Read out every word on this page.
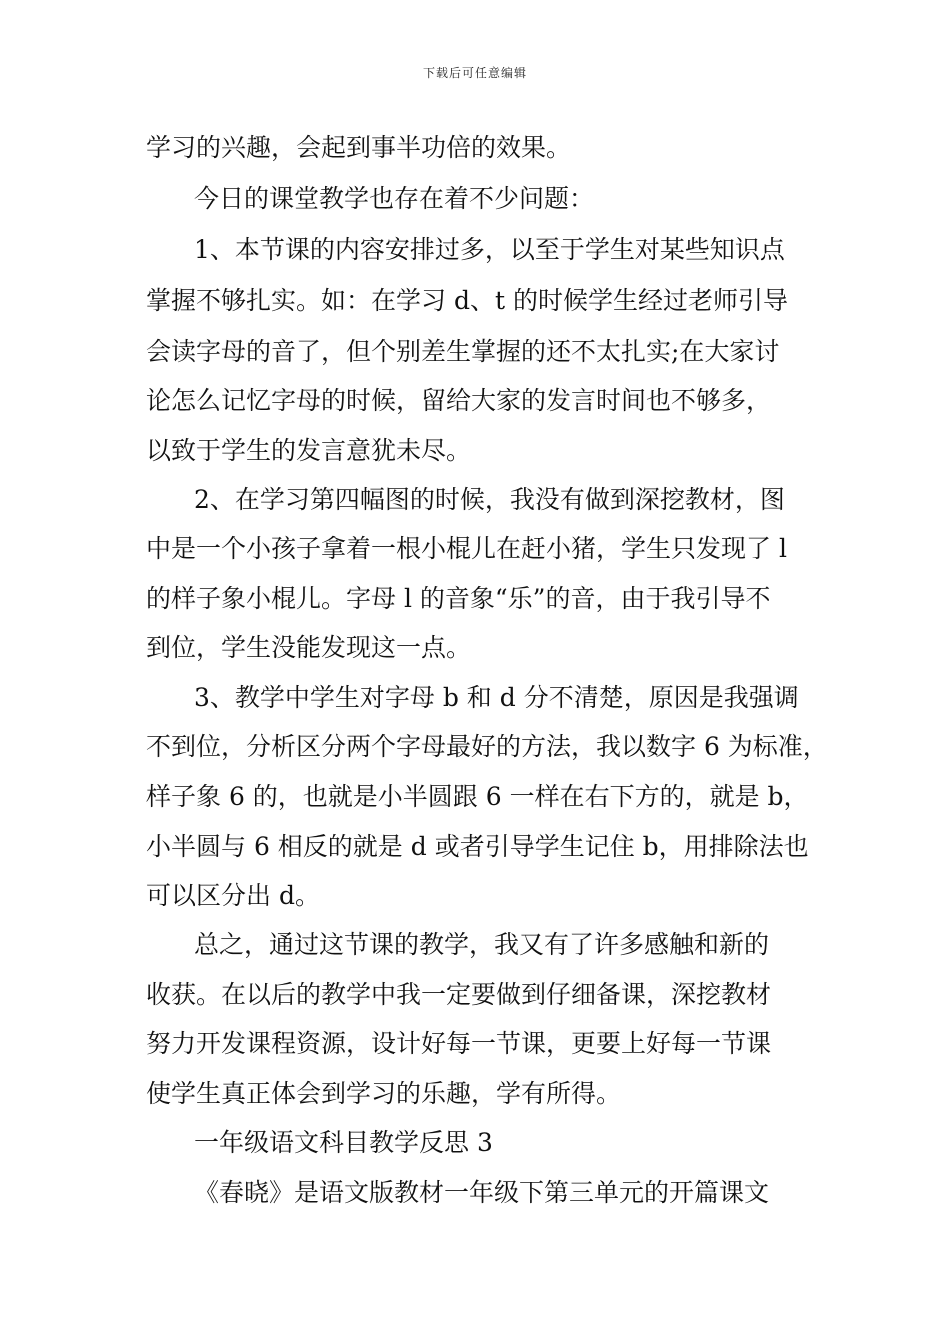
下载后可任意编辑
学习的兴趣，会起到事半功倍的效果。
今日的课堂教学也存在着不少问题：
1、本节课的内容安排过多，以至于学生对某些知识点
掌握不够扎实。如：在学习 d、t 的时候学生经过老师引导
会读字母的音了，但个别差生掌握的还不太扎实;在大家讨
论怎么记忆字母的时候，留给大家的发言时间也不够多，
以致于学生的发言意犹未尽。
2、在学习第四幅图的时候，我没有做到深挖教材，图
中是一个小孩子拿着一根小棍儿在赶小猪，学生只发现了 l
的样子象小棍儿。字母 l 的音象“乐”的音，由于我引导不
到位，学生没能发现这一点。
3、教学中学生对字母 b 和 d 分不清楚，原因是我强调
不到位，分析区分两个字母最好的方法，我以数字 6 为标准，
样子象 6 的，也就是小半圆跟 6 一样在右下方的，就是 b，
小半圆与 6 相反的就是 d 或者引导学生记住 b，用排除法也
可以区分出 d。
总之，通过这节课的教学，我又有了许多感触和新的
收获。在以后的教学中我一定要做到仔细备课，深挖教材
努力开发课程资源，设计好每一节课，更要上好每一节课
使学生真正体会到学习的乐趣，学有所得。
一年级语文科目教学反思 3
《春晓》是语文版教材一年级下第三单元的开篇课文
